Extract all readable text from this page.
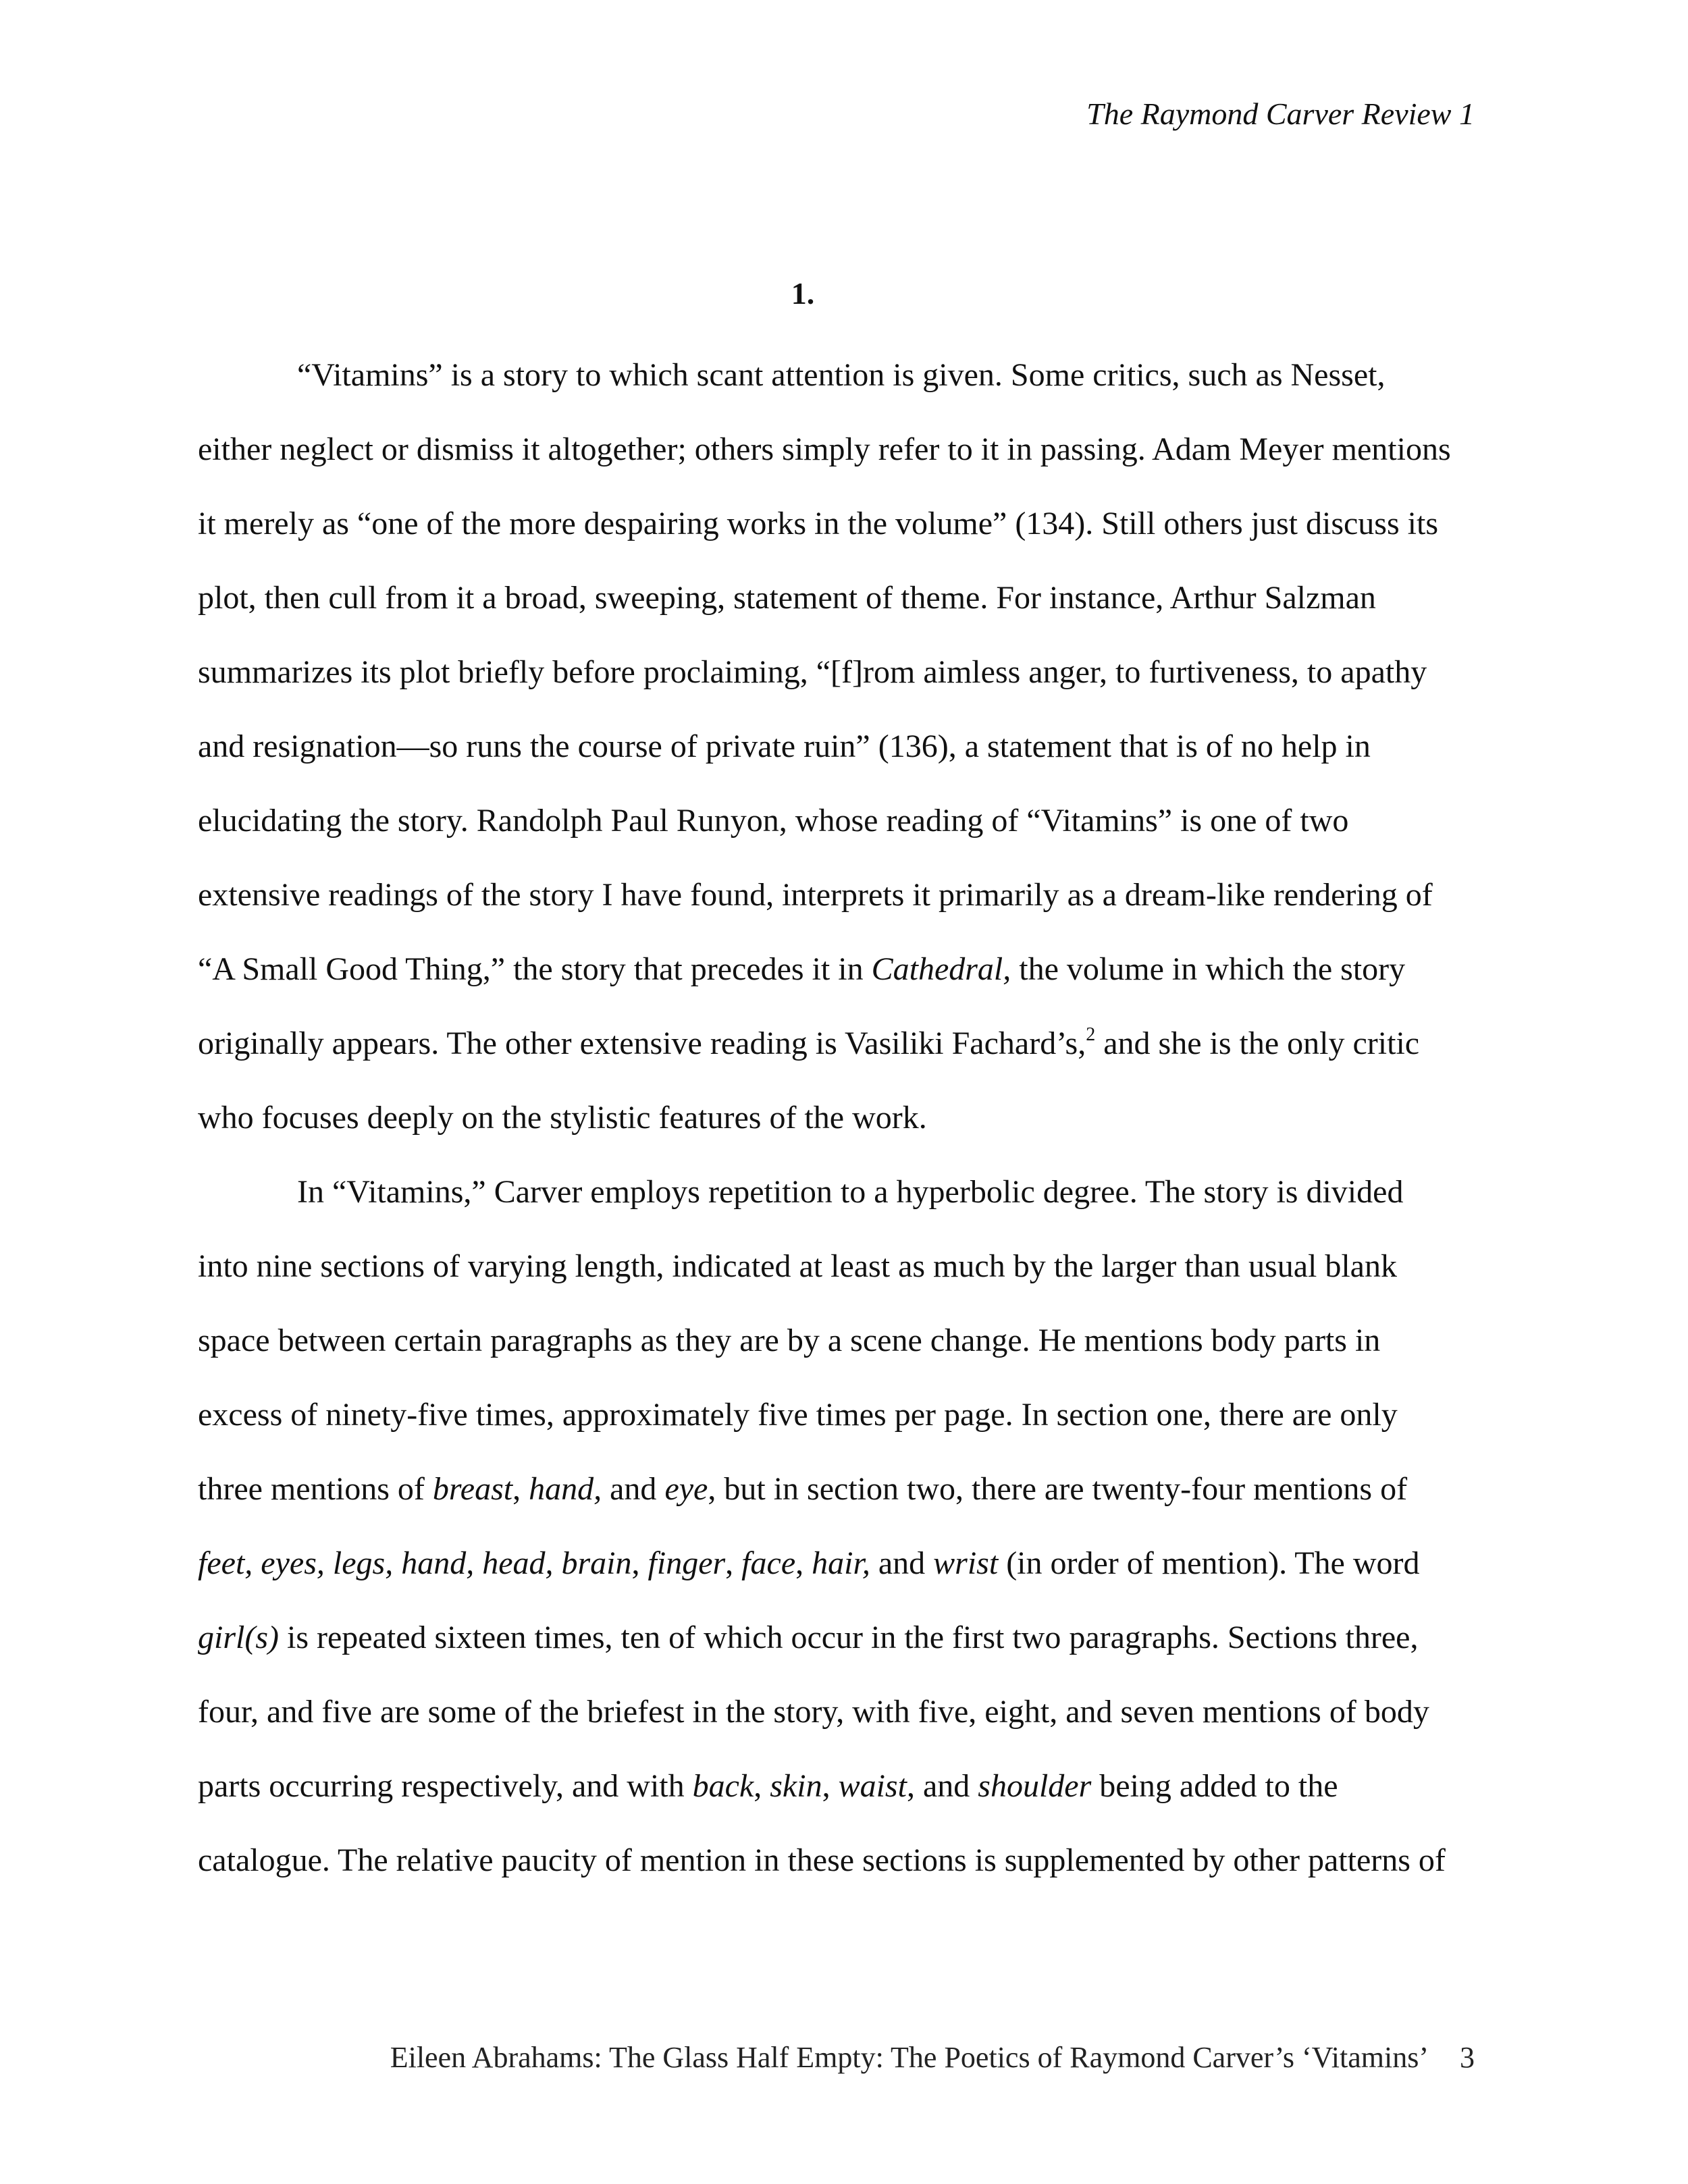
The Raymond Carver Review 1
1.
“Vitamins” is a story to which scant attention is given. Some critics, such as Nesset,
either neglect or dismiss it altogether; others simply refer to it in passing. Adam Meyer mentions
it merely as “one of the more despairing works in the volume” (134). Still others just discuss its
plot, then cull from it a broad, sweeping, statement of theme. For instance, Arthur Salzman
summarizes its plot briefly before proclaiming, “[f]rom aimless anger, to furtiveness, to apathy
and resignation—so runs the course of private ruin” (136), a statement that is of no help in
elucidating the story. Randolph Paul Runyon, whose reading of “Vitamins” is one of two
extensive readings of the story I have found, interprets it primarily as a dream-like rendering of
“A Small Good Thing,” the story that precedes it in Cathedral, the volume in which the story
originally appears. The other extensive reading is Vasiliki Fachard’s,$^2$ and she is the only critic
who focuses deeply on the stylistic features of the work.
In “Vitamins,” Carver employs repetition to a hyperbolic degree. The story is divided
into nine sections of varying length, indicated at least as much by the larger than usual blank
space between certain paragraphs as they are by a scene change. He mentions body parts in
excess of ninety-five times, approximately five times per page. In section one, there are only
three mentions of breast, hand, and eye, but in section two, there are twenty-four mentions of
feet, eyes, legs, hand, head, brain, finger, face, hair, and wrist (in order of mention). The word
girl(s) is repeated sixteen times, ten of which occur in the first two paragraphs. Sections three,
four, and five are some of the briefest in the story, with five, eight, and seven mentions of body
parts occurring respectively, and with back, skin, waist, and shoulder being added to the
catalogue. The relative paucity of mention in these sections is supplemented by other patterns of
Eileen Abrahams: The Glass Half Empty: The Poetics of Raymond Carver’s ‘Vitamins’ 3
